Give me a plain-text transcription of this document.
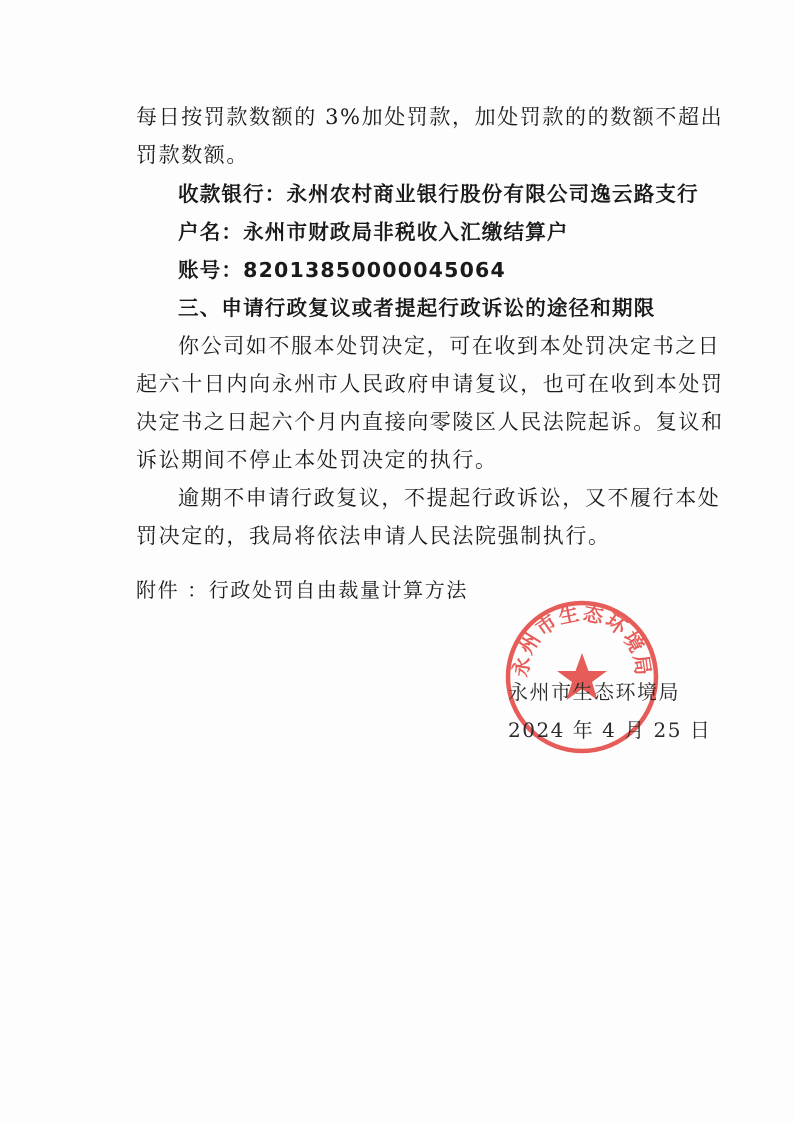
每日按罚款数额的 3%加处罚款，加处罚款的的数额不超出
罚款数额。
收款银行：永州农村商业银行股份有限公司逸云路支行
户名：永州市财政局非税收入汇缴结算户
账号：82013850000045064
三、申请行政复议或者提起行政诉讼的途径和期限
你公司如不服本处罚决定，可在收到本处罚决定书之日
起六十日内向永州市人民政府申请复议，也可在收到本处罚
决定书之日起六个月内直接向零陵区人民法院起诉。复议和
诉讼期间不停止本处罚决定的执行。
逾期不申请行政复议，不提起行政诉讼，又不履行本处
罚决定的，我局将依法申请人民法院强制执行。
附件 ：行政处罚自由裁量计算方法
永州市生态环境局
永州市生态环境局
2024 年 4 月 25 日
